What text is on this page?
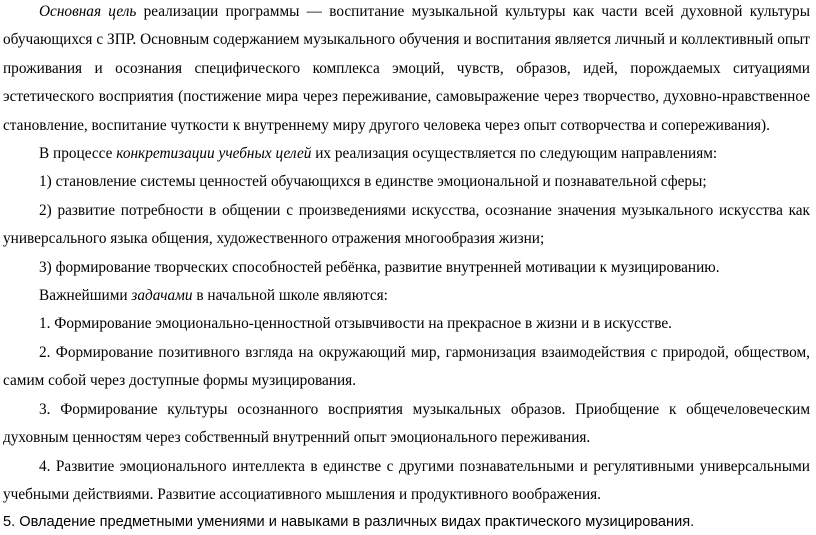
Основная цель реализации программы — воспитание музыкальной культуры как части всей духовной культуры обучающихся с ЗПР. Основным содержанием музыкального обучения и воспитания является личный и коллективный опыт проживания и осознания специфического комплекса эмоций, чувств, образов, идей, порождаемых ситуациями эстетического восприятия (постижение мира через переживание, самовыражение через творчество, духовно-нравственное становление, воспитание чуткости к внутреннему миру другого человека через опыт сотворчества и сопереживания).

В процессе конкретизации учебных целей их реализация осуществляется по следующим направлениям:

1) становление системы ценностей обучающихся в единстве эмоциональной и познавательной сферы;

2) развитие потребности в общении с произведениями искусства, осознание значения музыкального искусства как универсального языка общения, художественного отражения многообразия жизни;

3) формирование творческих способностей ребёнка, развитие внутренней мотивации к музицированию.

Важнейшими задачами в начальной школе являются:

1. Формирование эмоционально-ценностной отзывчивости на прекрасное в жизни и в искусстве.

2. Формирование позитивного взгляда на окружающий мир, гармонизация взаимодействия с природой, обществом, самим собой через доступные формы музицирования.

3. Формирование культуры осознанного восприятия музыкальных образов. Приобщение к общечеловеческим духовным ценностям через собственный внутренний опыт эмоционального переживания.

4. Развитие эмоционального интеллекта в единстве с другими познавательными и регулятивными универсальными учебными действиями. Развитие ассоциативного мышления и продуктивного воображения.

5. Овладение предметными умениями и навыками в различных видах практического музицирования.
